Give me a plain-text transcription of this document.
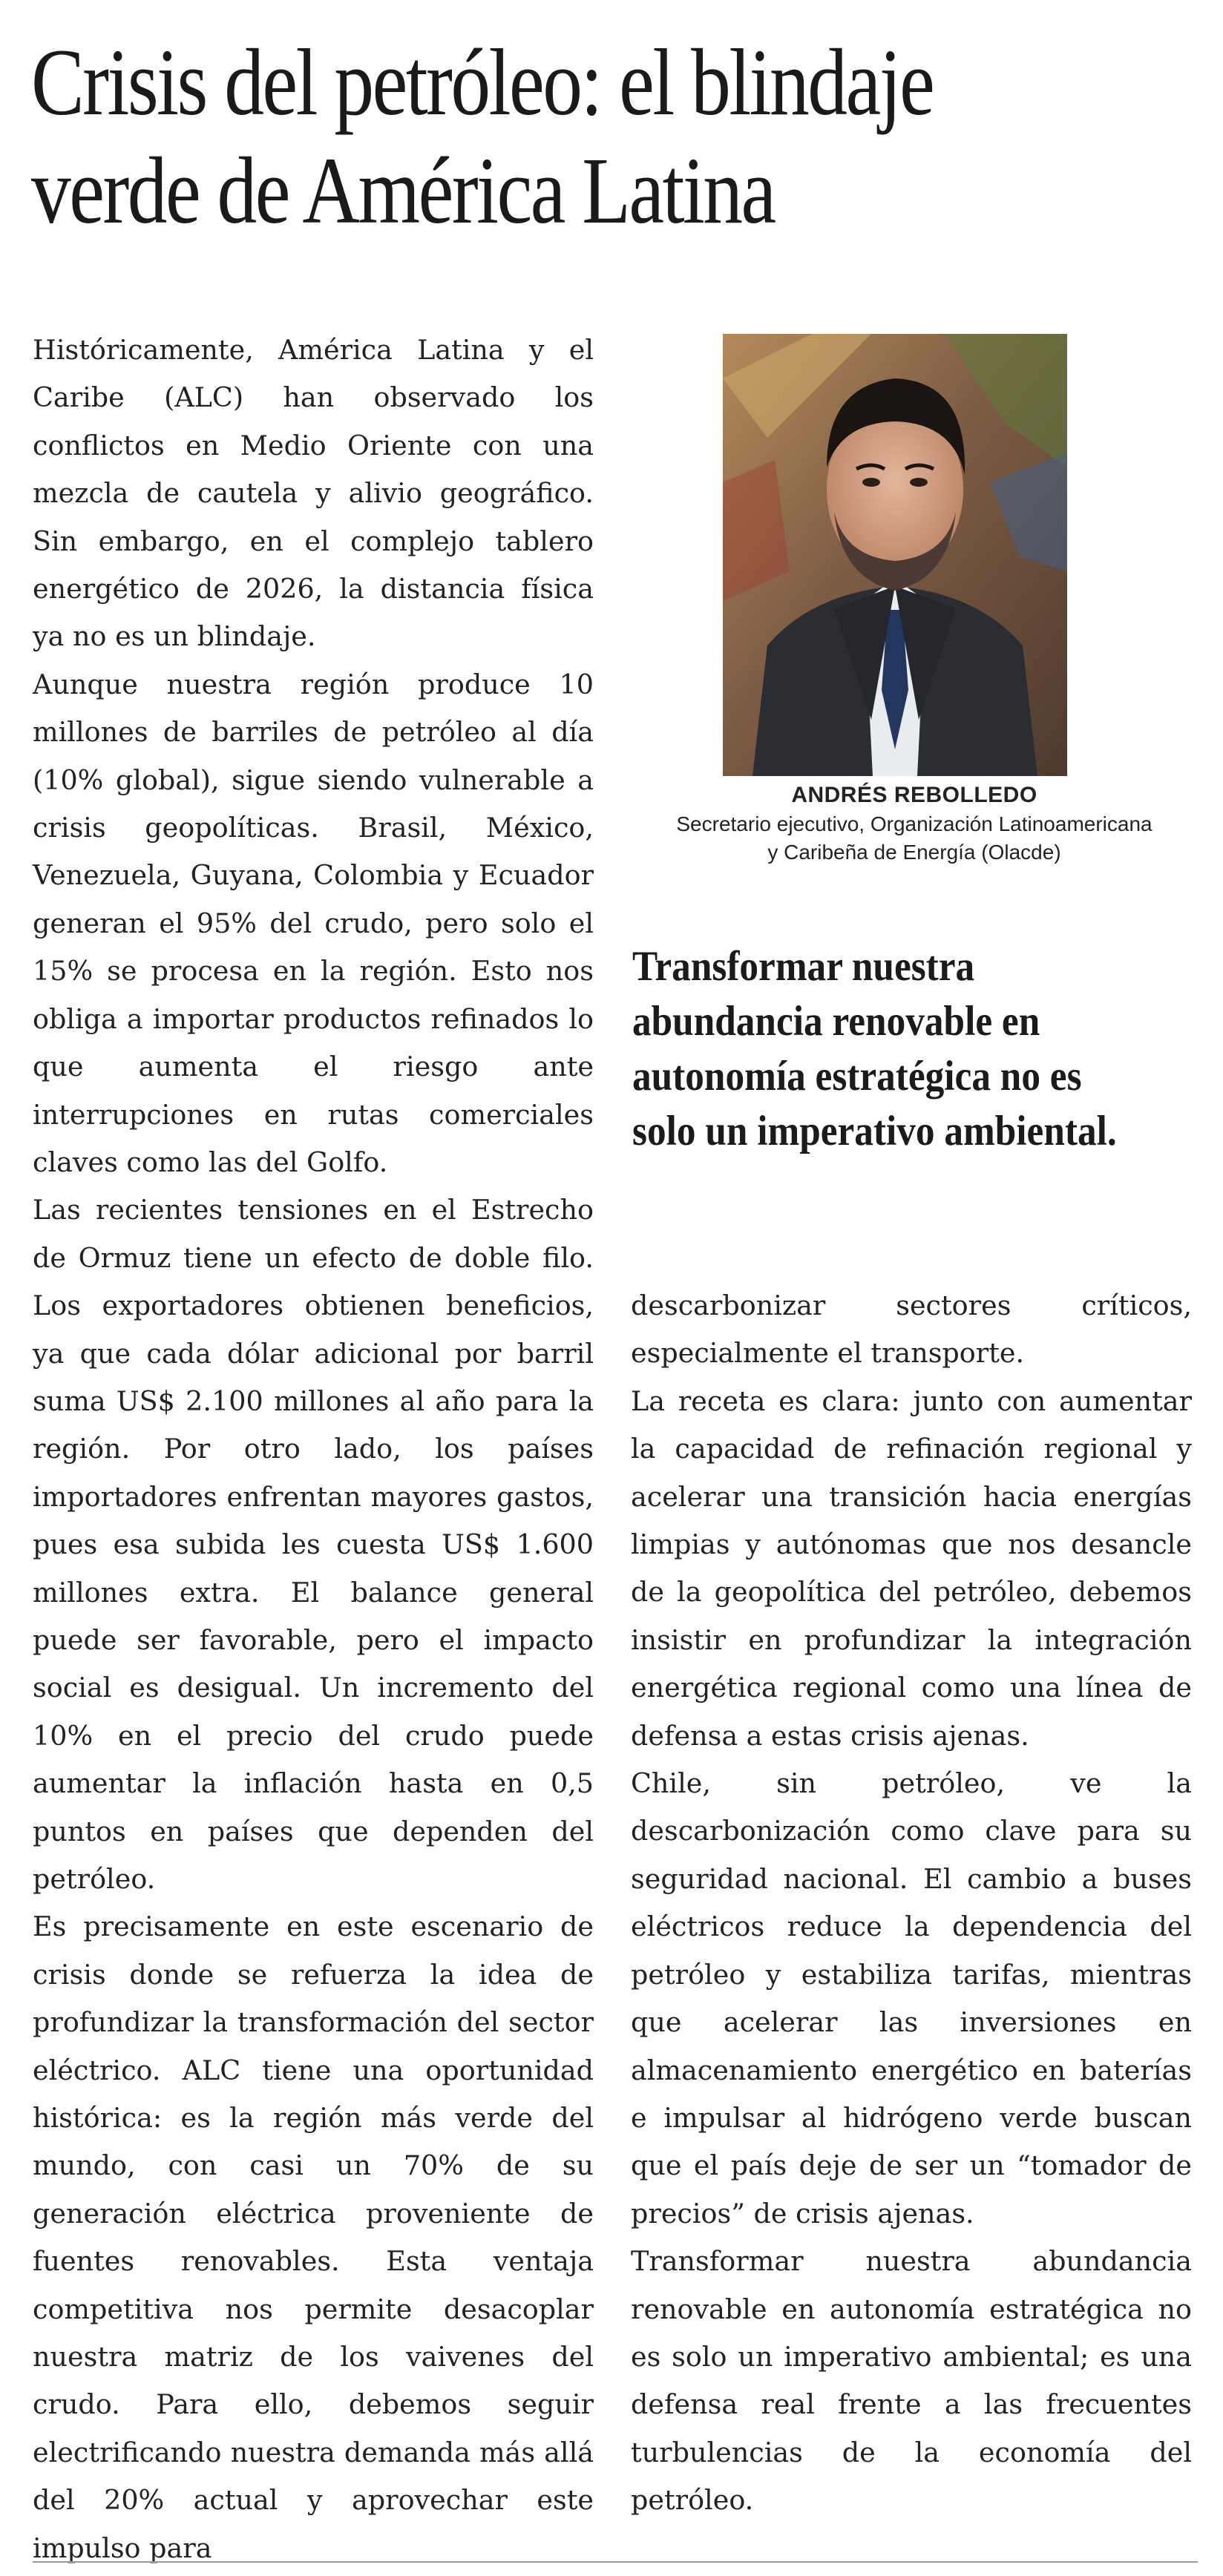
Crisis del petróleo: el blindaje
verde de América Latina

Históricamente, América Latina y el Caribe (ALC) han observado los conflictos en Medio Oriente con una mezcla de cautela y alivio geográfico. Sin embargo, en el complejo tablero energético de 2026, la distancia física ya no es un blindaje.

Aunque nuestra región produce 10 millones de barriles de petróleo al día (10% global), sigue siendo vulnerable a crisis geopolíticas. Brasil, México, Venezuela, Guyana, Colombia y Ecuador generan el 95% del crudo, pero solo el 15% se procesa en la región. Esto nos obliga a importar productos refinados lo que aumenta el riesgo ante interrupciones en rutas comerciales claves como las del Golfo.

Las recientes tensiones en el Estrecho de Ormuz tiene un efecto de doble filo. Los exportadores obtienen beneficios, ya que cada dólar adicional por barril suma US$ 2.100 millones al año para la región. Por otro lado, los países importadores enfrentan mayores gastos, pues esa subida les cuesta US$ 1.600 millones extra. El balance general puede ser favorable, pero el impacto social es desigual. Un incremento del 10% en el precio del crudo puede aumentar la inflación hasta en 0,5 puntos en países que dependen del petróleo.

Es precisamente en este escenario de crisis donde se refuerza la idea de profundizar la transformación del sector eléctrico. ALC tiene una oportunidad histórica: es la región más verde del mundo, con casi un 70% de su generación eléctrica proveniente de fuentes renovables. Esta ventaja competitiva nos permite desacoplar nuestra matriz de los vaivenes del crudo. Para ello, debemos seguir electrificando nuestra demanda más allá del 20% actual y aprovechar este impulso para

ANDRÉS REBOLLEDO
Secretario ejecutivo, Organización Latinoamericana
y Caribeña de Energía (Olacde)

Transformar nuestra abundancia renovable en autonomía estratégica no es solo un imperativo ambiental.

descarbonizar sectores críticos, especialmente el transporte.

La receta es clara: junto con aumentar la capacidad de refinación regional y acelerar una transición hacia energías limpias y autónomas que nos desancle de la geopolítica del petróleo, debemos insistir en profundizar la integración energética regional como una línea de defensa a estas crisis ajenas.

Chile, sin petróleo, ve la descarbonización como clave para su seguridad nacional. El cambio a buses eléctricos reduce la dependencia del petróleo y estabiliza tarifas, mientras que acelerar las inversiones en almacenamiento energético en baterías e impulsar al hidrógeno verde buscan que el país deje de ser un “tomador de precios” de crisis ajenas.

Transformar nuestra abundancia renovable en autonomía estratégica no es solo un imperativo ambiental; es una defensa real frente a las frecuentes turbulencias de la economía del petróleo.
